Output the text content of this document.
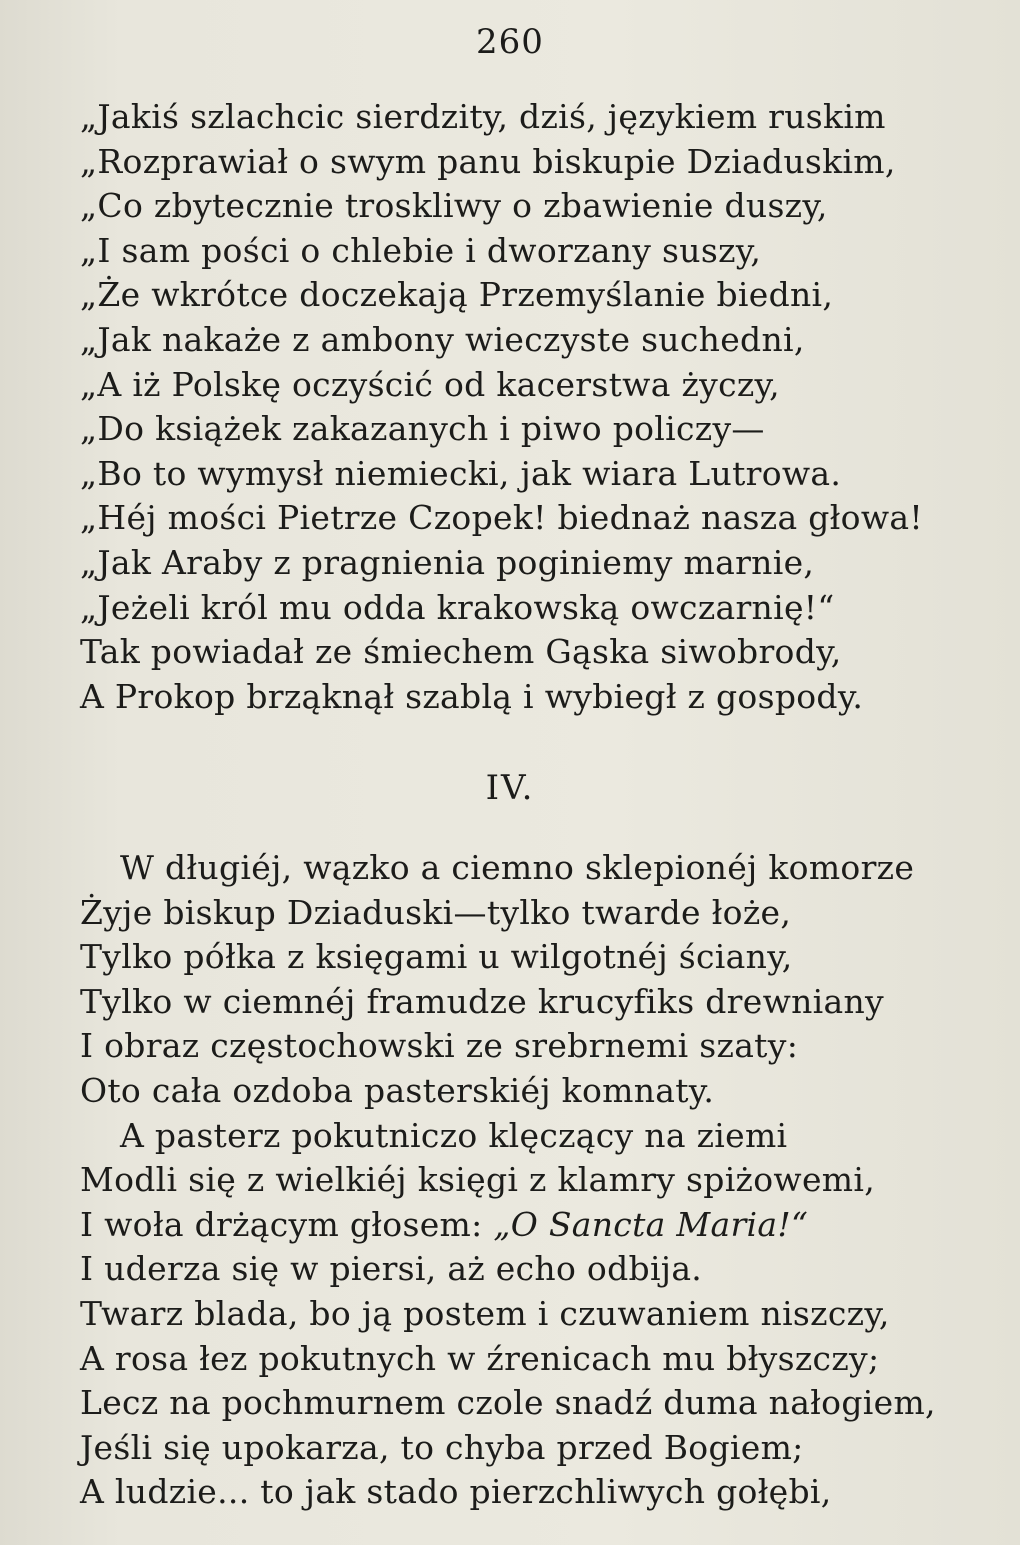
260
„Jakiś szlachcic sierdzity, dziś, językiem ruskim
„Rozprawiał o swym panu biskupie Dziaduskim,
„Co zbytecznie troskliwy o zbawienie duszy,
„I sam pości o chlebie i dworzany suszy,
„Że wkrótce doczekają Przemyślanie biedni,
„Jak nakaże z ambony wieczyste suchedni,
„A iż Polskę oczyścić od kacerstwa życzy,
„Do książek zakazanych i piwo policzy—
„Bo to wymysł niemiecki, jak wiara Lutrowa.
„Héj mości Pietrze Czopek! biednaż nasza głowa!
„Jak Araby z pragnienia poginiemy marnie,
„Jeżeli król mu odda krakowską owczarnię!“
Tak powiadał ze śmiechem Gąska siwobrody,
A Prokop brząknął szablą i wybiegł z gospody.
IV.
W długiéj, wązko a ciemno sklepionéj komorze
Żyje biskup Dziaduski—tylko twarde łoże,
Tylko półka z księgami u wilgotnéj ściany,
Tylko w ciemnéj framudze krucyfiks drewniany
I obraz częstochowski ze srebrnemi szaty:
Oto cała ozdoba pasterskiéj komnaty.
A pasterz pokutniczo klęczący na ziemi
Modli się z wielkiéj księgi z klamry spiżowemi,
I woła drżącym głosem: „O Sancta Maria!“
I uderza się w piersi, aż echo odbija.
Twarz blada, bo ją postem i czuwaniem niszczy,
A rosa łez pokutnych w źrenicach mu błyszczy;
Lecz na pochmurnem czole snadź duma nałogiem,
Jeśli się upokarza, to chyba przed Bogiem;
A ludzie... to jak stado pierzchliwych gołębi,
